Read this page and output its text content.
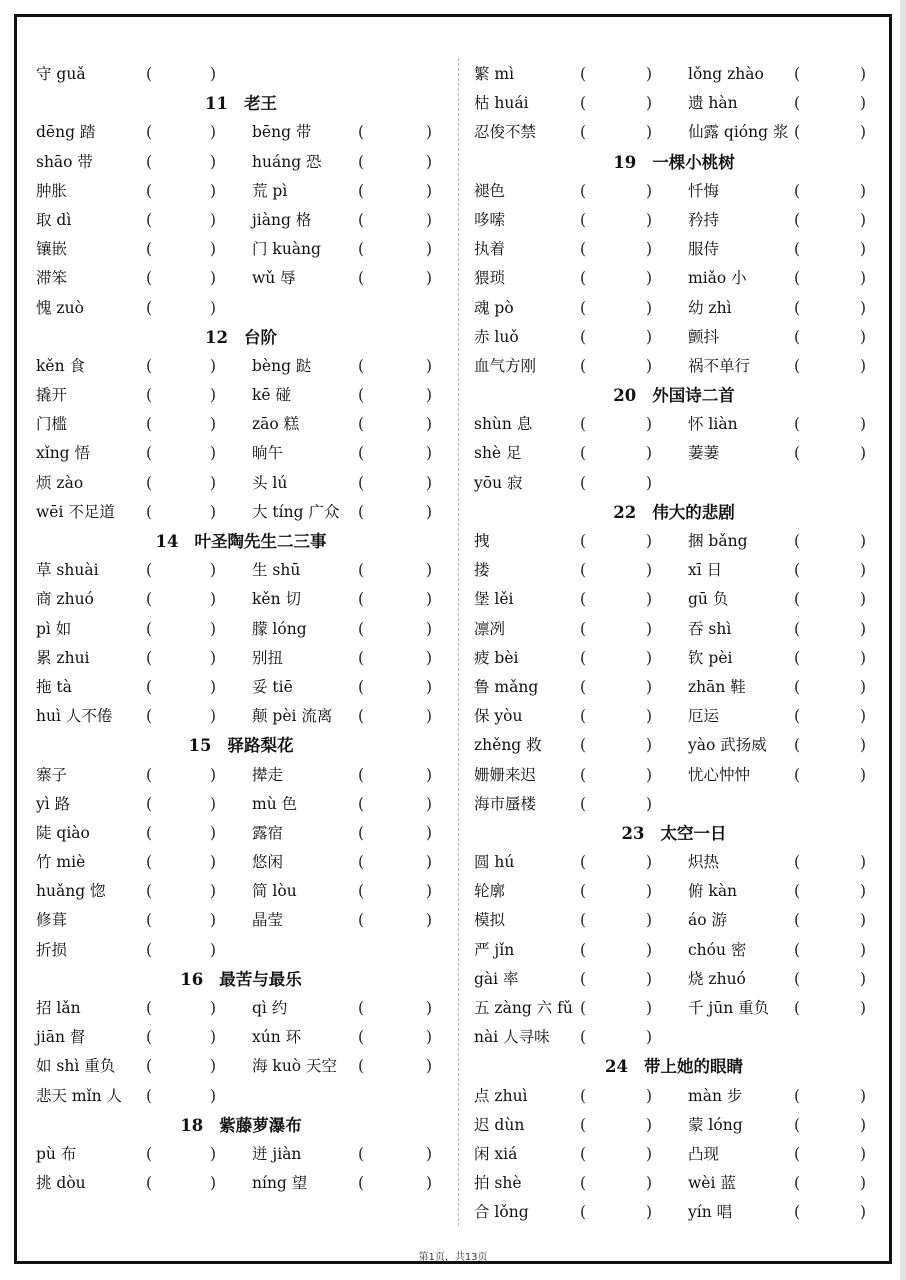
守 guǎ	(	)
11 老王
dēng 踏	(	) bēng 带	(	)
shāo 带	(	) huáng 恐 (	)
肿胀	(	) 荒 pì	(	)
取 dì	(	) jiàng 格	(	)
镶嵌	(	) 门 kuàng (	)
滞笨	(	) wǔ 辱	(	)
愧 zuò	(	)
12 台阶
kěn 食	(	) bèng 跶	(	)
撬开	(	) kē 碰	(	)
门槛	(	) zāo 糕	(	)
xǐng 悟	(	) 晌午	(	)
烦 zào	(	) 头 lú	(	)
wēi 不足道 (	) 大 tíng 广众 (	)
14 叶圣陶先生二三事
草 shuài	(	) 生 shū	(	)
商 zhuó	(	) kěn 切	(	)
pì 如	(	) 朦 lóng	(	)
累 zhui	(	) 别扭	(	)
拖 tà	(	) 妥 tiē	(	)
huì 人不倦 (	) 颠 pèi 流离 (	)
15 驿路梨花
寨子	(	) 撵走	(	)
yì 路	(	) mù 色	(	)
陡 qiào	(	) 露宿	(	)
竹 miè	(	) 悠闲	(	)
huǎng 惚	(	) 简 lòu	(	)
修葺	(	) 晶莹	(	)
折损	(	)
16 最苦与最乐
招 lǎn	(	) qì 约	(	)
jiān 督	(	) xún 环	(	)
如 shì 重负 (	) 海 kuò 天空 (	)
悲天 mǐn 人 (	)
18 紫藤萝瀑布
pù 布	(	) 迸 jiàn	(	)
挑 dòu	(	) níng 望	(	)
繁 mì	(	) lǒng zhào (	)
枯 huái	(	) 遗 hàn	(	)
忍俊不禁	(	) 仙露 qióng 浆 (	)
19 一棵小桃树
褪色	(	) 忏悔	(	)
哆嗦	(	) 矜持	(	)
执着	(	) 服侍	(	)
猥琐	(	) miǎo 小	(	)
魂 pò	(	) 幼 zhì	(	)
赤 luǒ	(	) 颤抖	(	)
血气方刚	(	) 祸不单行	(	)
20 外国诗二首
shùn 息	(	) 怀 liàn	(	)
shè 足	(	) 萋萋	(	)
yōu 寂	(	)
22 伟大的悲剧
拽	(	) 捆 bǎng	(	)
搂	(	) xī 日	(	)
堡 lěi	(	) gū 负	(	)
凛冽	(	) 吞 shì	(	)
疲 bèi	(	) 钦 pèi	(	)
鲁 mǎng	(	) zhān 鞋	(	)
保 yòu	(	) 厄运	(	)
zhěng 救 (	) yào 武扬威 (	)
姗姗来迟	(	) 忧心忡忡	(	)
海市蜃楼	(	)
23 太空一日
圆 hú	(	) 炽热	(	)
轮廓	(	) 俯 kàn	(	)
模拟	(	) áo 游	(	)
严 jǐn	(	) chóu 密	(	)
gài 率	(	) 烧 zhuó	(	)
五 zàng 六 fǔ (	) 千 jūn 重负 (	)
nài 人寻味 (	)
24 带上她的眼睛
点 zhuì	(	) màn 步	(	)
迟 dùn	(	) 蒙 lóng	(	)
闲 xiá	(	) 凸现	(	)
拍 shè	(	) wèi 蓝	(	)
合 lǒng	(	) yín 唱	(	)
第1页，共13页
